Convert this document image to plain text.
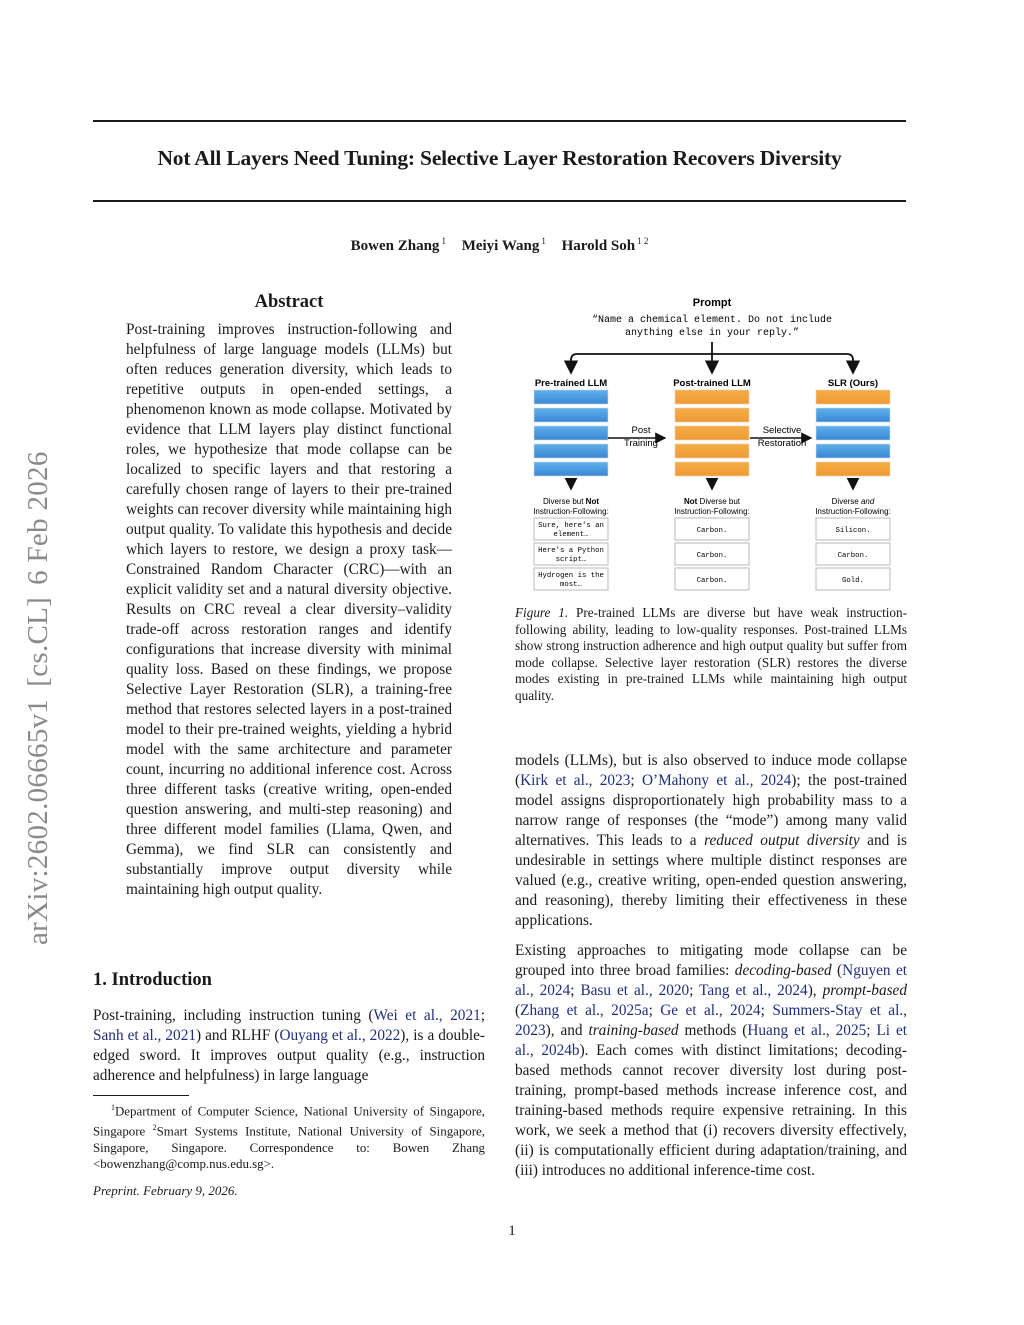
arXiv:2602.06665v1[cs.CL]6 Feb 2026
Not All Layers Need Tuning: Selective Layer Restoration Recovers Diversity
Bowen Zhang $^1$ Meiyi Wang $^1$ Harold Soh $^{1 2}$
Abstract
Post-training improves instruction-following and helpfulness of large language models (LLMs) but often reduces generation diversity, which leads to repetitive outputs in open-ended settings, a phenomenon known as mode collapse. Motivated by evidence that LLM layers play distinct functional roles, we hypothesize that mode collapse can be localized to specific layers and that restoring a carefully chosen range of layers to their pre-trained weights can recover diversity while maintaining high output quality. To validate this hypothesis and decide which layers to restore, we design a proxy task—Constrained Random Character (CRC)—with an explicit validity set and a natural diversity objective. Results on CRC reveal a clear diversity–validity trade-off across restoration ranges and identify configurations that increase diversity with minimal quality loss. Based on these findings, we propose Selective Layer Restoration (SLR), a training-free method that restores selected layers in a post-trained model to their pre-trained weights, yielding a hybrid model with the same architecture and parameter count, incurring no additional inference cost. Across three different tasks (creative writing, open-ended question answering, and multi-step reasoning) and three different model families (Llama, Qwen, and Gemma), we find SLR can consistently and substantially improve output diversity while maintaining high output quality.
1. Introduction
Post-training, including instruction tuning (Wei et al., 2021; Sanh et al., 2021) and RLHF (Ouyang et al., 2022), is a double-edged sword. It improves output quality (e.g., instruction adherence and helpfulness) in large language
$^1$Department of Computer Science, National University of Singapore, Singapore $^2$Smart Systems Institute, National University of Singapore, Singapore, Singapore. Correspondence to: Bowen Zhang <bowenzhang@comp.nus.edu.sg>.
Preprint. February 9, 2026.
Prompt
“Name a chemical element. Do not include
anything else in your reply.”
Pre-trained LLM
Diverse but Not
Instruction-Following:
Sure, here's an
element…
Here's a Python
script…
Hydrogen is the
most…
Post-trained LLM
Not Diverse but
Instruction-Following:
Carbon.
Carbon.
Carbon.
SLR (Ours)
Diverse and
Instruction-Following:
Silicon.
Carbon.
Gold.
Post
Training
Selective
Restoration
Figure 1. Pre-trained LLMs are diverse but have weak instruction-following ability, leading to low-quality responses. Post-trained LLMs show strong instruction adherence and high output quality but suffer from mode collapse. Selective layer restoration (SLR) restores the diverse modes existing in pre-trained LLMs while maintaining high output quality.
models (LLMs), but is also observed to induce mode collapse (Kirk et al., 2023; O’Mahony et al., 2024); the post-trained model assigns disproportionately high probability mass to a narrow range of responses (the “mode”) among many valid alternatives. This leads to a reduced output diversity and is undesirable in settings where multiple distinct responses are valued (e.g., creative writing, open-ended question answering, and reasoning), thereby limiting their effectiveness in these applications.
Existing approaches to mitigating mode collapse can be grouped into three broad families: decoding-based (Nguyen et al., 2024; Basu et al., 2020; Tang et al., 2024), prompt-based (Zhang et al., 2025a; Ge et al., 2024; Summers-Stay et al., 2023), and training-based methods (Huang et al., 2025; Li et al., 2024b). Each comes with distinct limitations; decoding-based methods cannot recover diversity lost during post-training, prompt-based methods increase inference cost, and training-based methods require expensive retraining. In this work, we seek a method that (i) recovers diversity effectively, (ii) is computationally efficient during adaptation/training, and (iii) introduces no additional inference-time cost.
1
